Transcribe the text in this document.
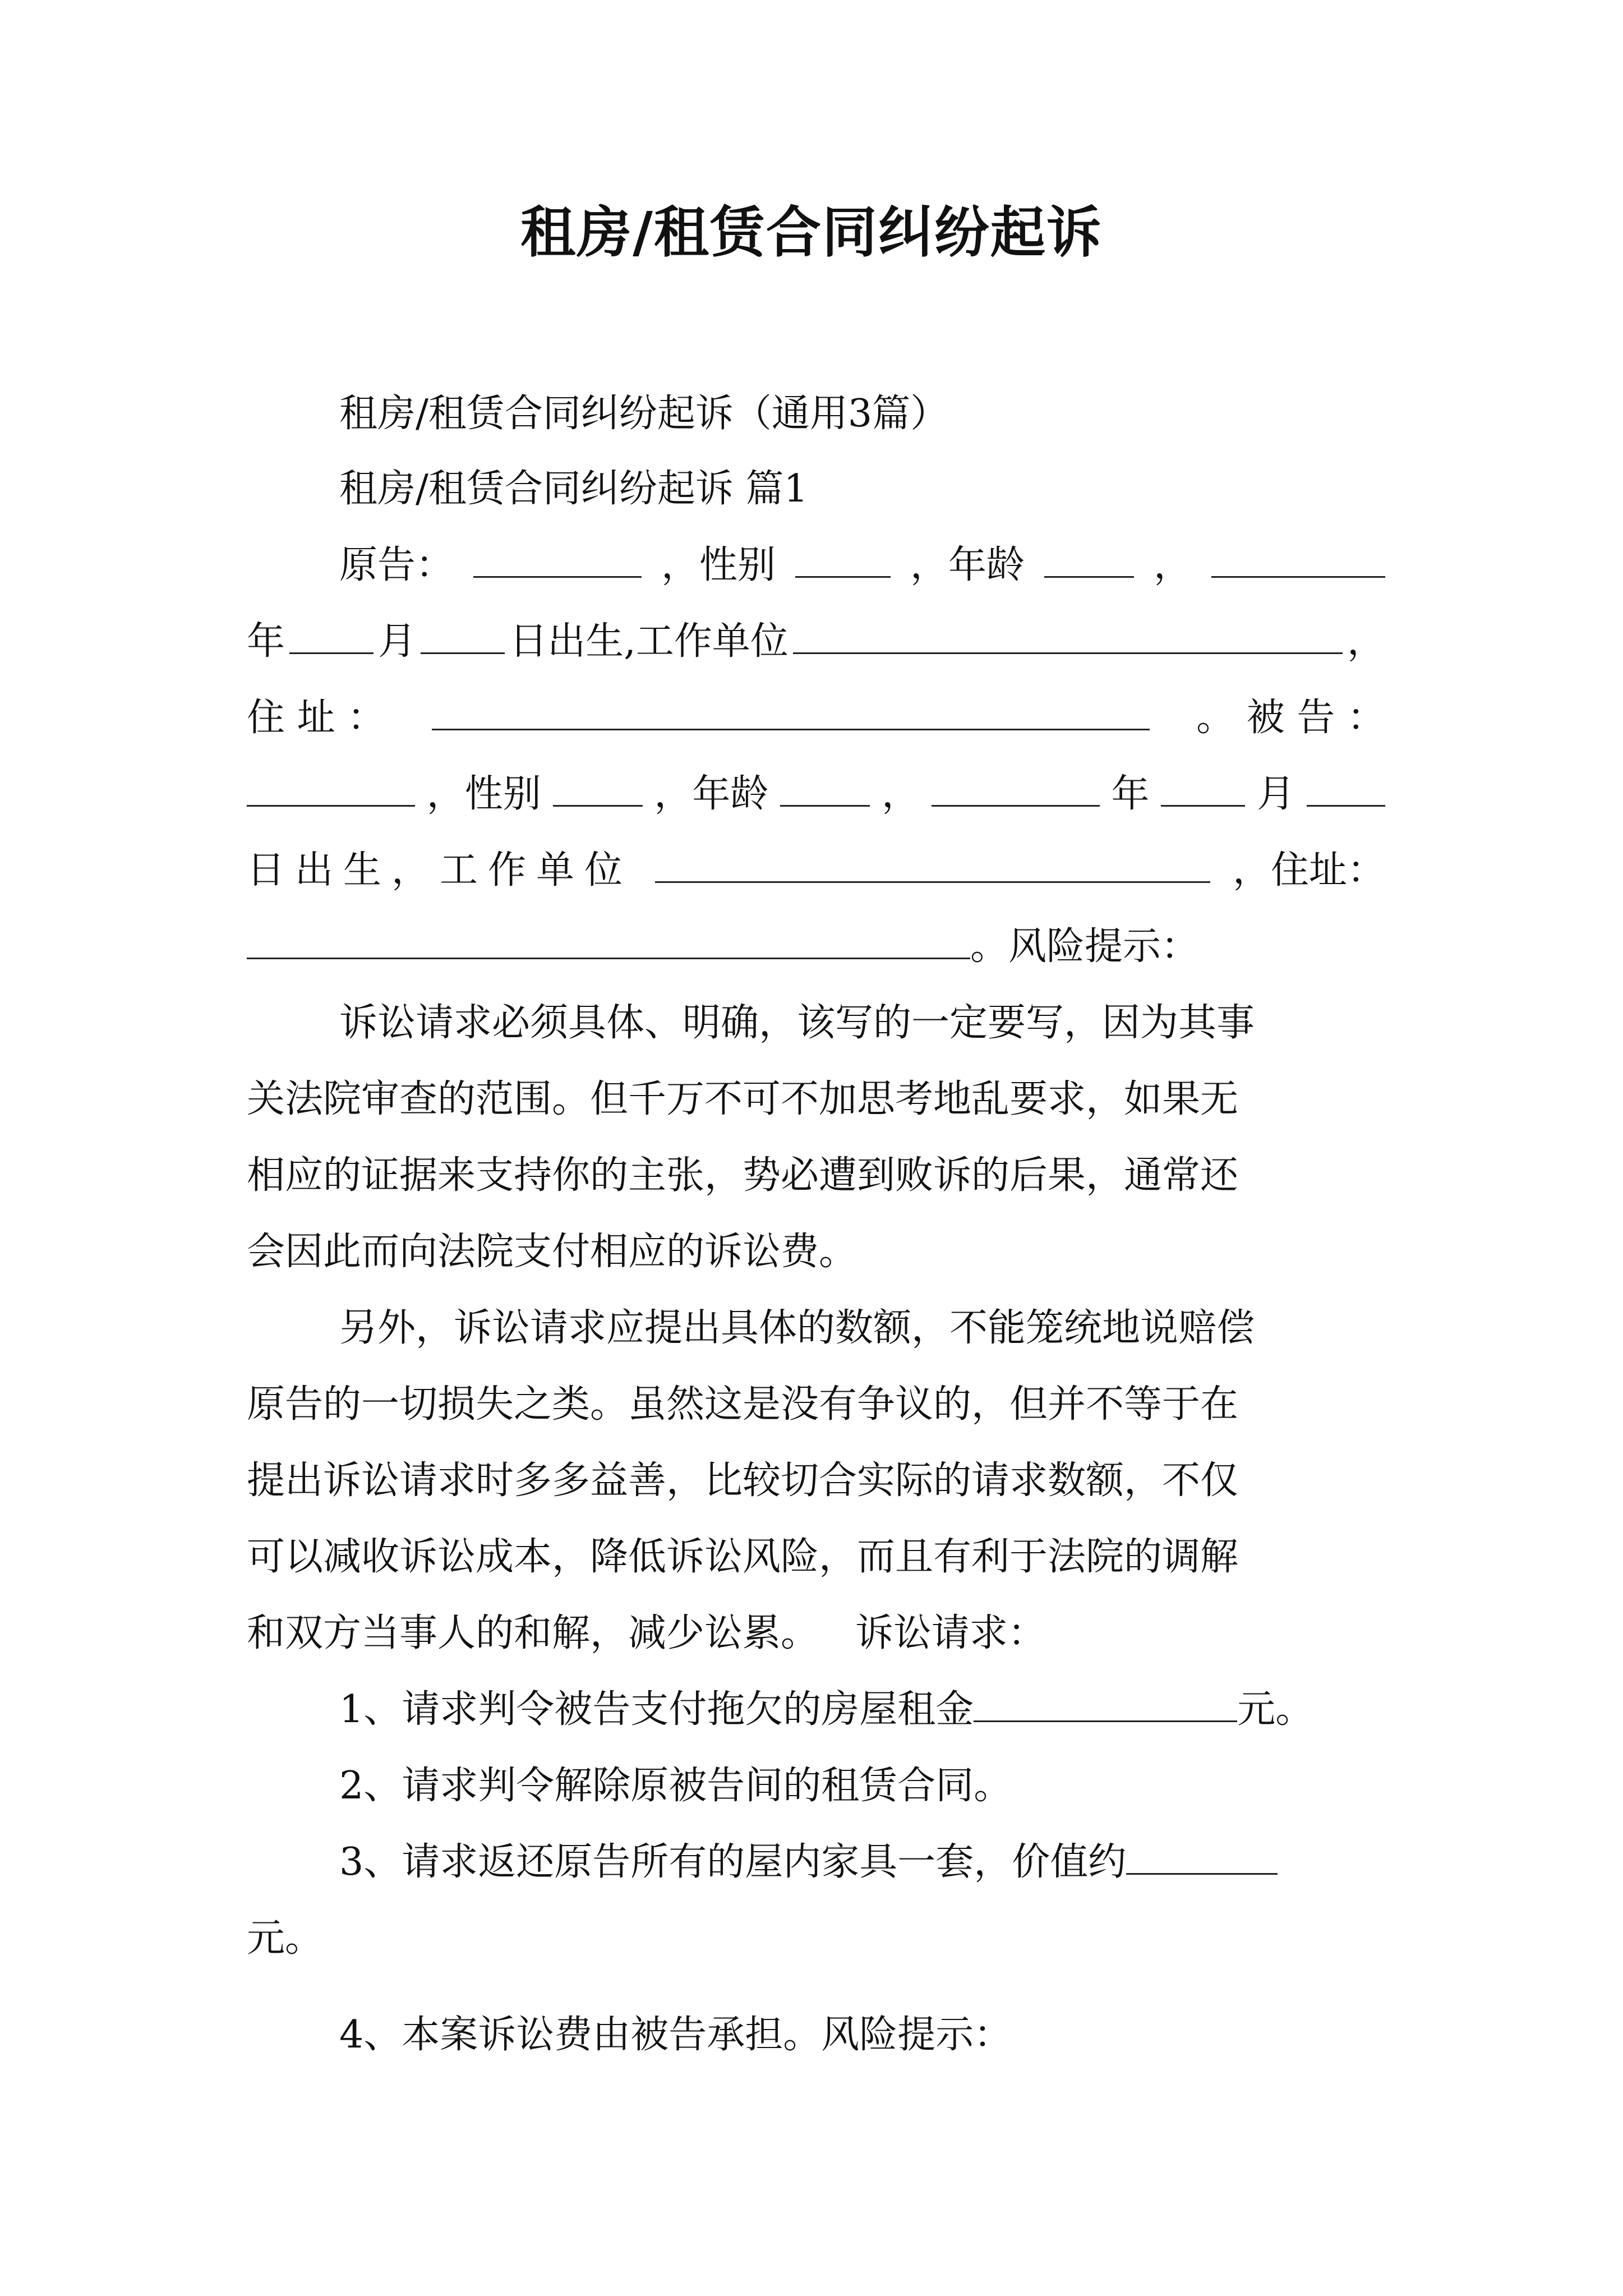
租房/租赁合同纠纷起诉
租房/租赁合同纠纷起诉（通用3篇）
租房/租赁合同纠纷起诉 篇1
原告：	，性别	，年龄	，
年 月 日出生,工作单位	，
住 址 ：	。 被 告 ：
，性别	，年龄	，	年	月
日出生，工作单位	，住址：
。风险提示：
诉讼请求必须具体、明确，该写的一定要写，因为其事
关法院审查的范围。但千万不可不加思考地乱要求，如果无
相应的证据来支持你的主张，势必遭到败诉的后果，通常还
会因此而向法院支付相应的诉讼费。
另外，诉讼请求应提出具体的数额，不能笼统地说赔偿
原告的一切损失之类。虽然这是没有争议的，但并不等于在
提出诉讼请求时多多益善，比较切合实际的请求数额，不仅
可以减收诉讼成本，降低诉讼风险，而且有利于法院的调解
和双方当事人的和解，减少讼累。   诉讼请求：
1、请求判令被告支付拖欠的房屋租金	元。
2、请求判令解除原被告间的租赁合同。
3、请求返还原告所有的屋内家具一套，价值约
元。
4、本案诉讼费由被告承担。风险提示：
